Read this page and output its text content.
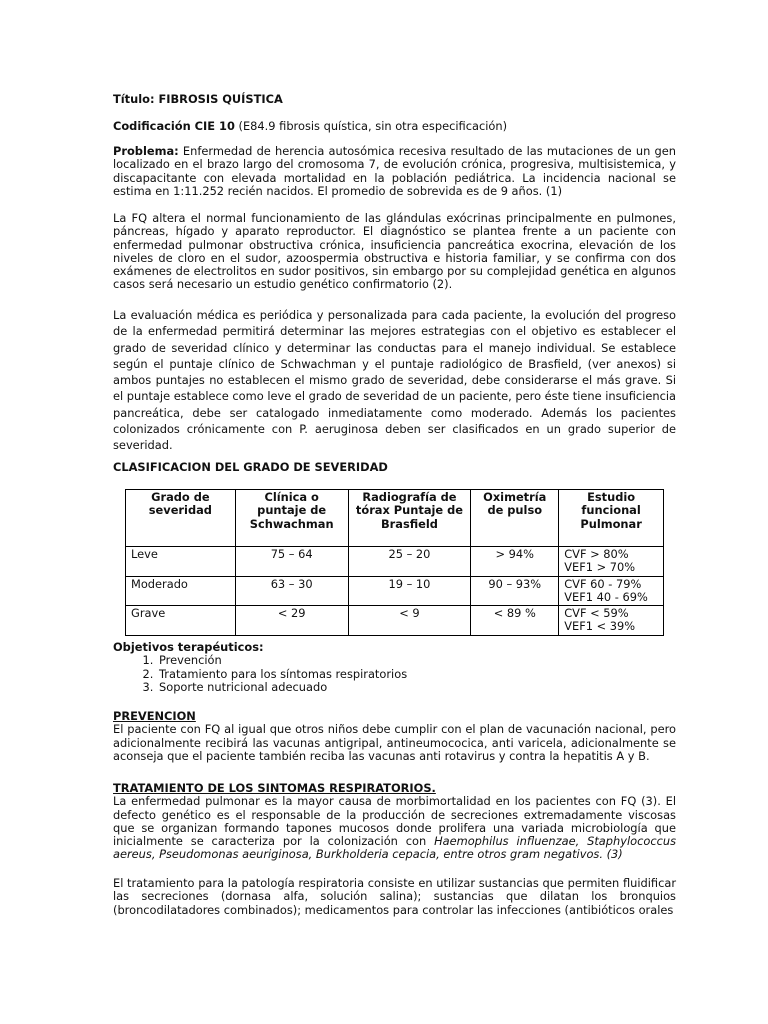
Título: FIBROSIS QUÍSTICA
Codificación CIE 10 (E84.9 fibrosis quística, sin otra especificación)
Problema: Enfermedad de herencia autosómica recesiva resultado de las mutaciones de un gen localizado en el brazo largo del cromosoma 7, de evolución crónica, progresiva, multisistemica, y discapacitante con elevada mortalidad en la población pediátrica. La incidencia nacional se estima en 1:11.252 recién nacidos. El promedio de sobrevida es de 9 años. (1)
La FQ altera el normal funcionamiento de las glándulas exócrinas principalmente en pulmones, páncreas, hígado y aparato reproductor. El diagnóstico se plantea frente a un paciente con enfermedad pulmonar obstructiva crónica, insuficiencia pancreática exocrina, elevación de los niveles de cloro en el sudor, azoospermia obstructiva e historia familiar, y se confirma con dos exámenes de electrolitos en sudor positivos, sin embargo por su complejidad genética en algunos casos será necesario un estudio genético confirmatorio (2).
La evaluación médica es periódica y personalizada para cada paciente, la evolución del progreso de la enfermedad permitirá determinar las mejores estrategias con el objetivo es establecer el grado de severidad clínico y determinar las conductas para el manejo individual. Se establece según el puntaje clínico de Schwachman y el puntaje radiológico de Brasfield, (ver anexos) si ambos puntajes no establecen el mismo grado de severidad, debe considerarse el más grave. Si el puntaje establece como leve el grado de severidad de un paciente, pero éste tiene insuficiencia pancreática, debe ser catalogado inmediatamente como moderado. Además los pacientes colonizados crónicamente con P. aeruginosa deben ser clasificados en un grado superior de severidad.
CLASIFICACION DEL GRADO DE SEVERIDAD
Grado de severidad	Clínica o puntaje de Schwachman	Radiografía de tórax Puntaje de Brasfield	Oximetría de pulso	Estudio funcional Pulmonar
Leve	75 – 64	25 – 20	> 94%	CVF > 80%
VEF1 > 70%

Moderado	63 – 30	19 – 10	90 – 93%	CVF 60 - 79%
VEF1 40 - 69%

Grave	< 29	< 9	< 89 %	CVF < 59%
VEF1 < 39%
Objetivos terapéuticos:
1. Prevención
2. Tratamiento para los síntomas respiratorios
3. Soporte nutricional adecuado
PREVENCION
El paciente con FQ al igual que otros niños debe cumplir con el plan de vacunación nacional, pero adicionalmente recibirá las vacunas antigripal, antineumococica, anti varicela, adicionalmente se aconseja que el paciente también reciba las vacunas anti rotavirus y contra la hepatitis A y B.
TRATAMIENTO DE LOS SINTOMAS RESPIRATORIOS.
La enfermedad pulmonar es la mayor causa de morbimortalidad en los pacientes con FQ (3). El defecto genético es el responsable de la producción de secreciones extremadamente viscosas que se organizan formando tapones mucosos donde prolifera una variada microbiología que inicialmente se caracteriza por la colonización con Haemophilus influenzae, Staphylococcus aereus, Pseudomonas aeuriginosa, Burkholderia cepacia, entre otros gram negativos. (3)
El tratamiento para la patología respiratoria consiste en utilizar sustancias que permiten fluidificar las secreciones (dornasa alfa, solución salina); sustancias que dilatan los bronquios (broncodilatadores combinados); medicamentos para controlar las infecciones (antibióticos orales
